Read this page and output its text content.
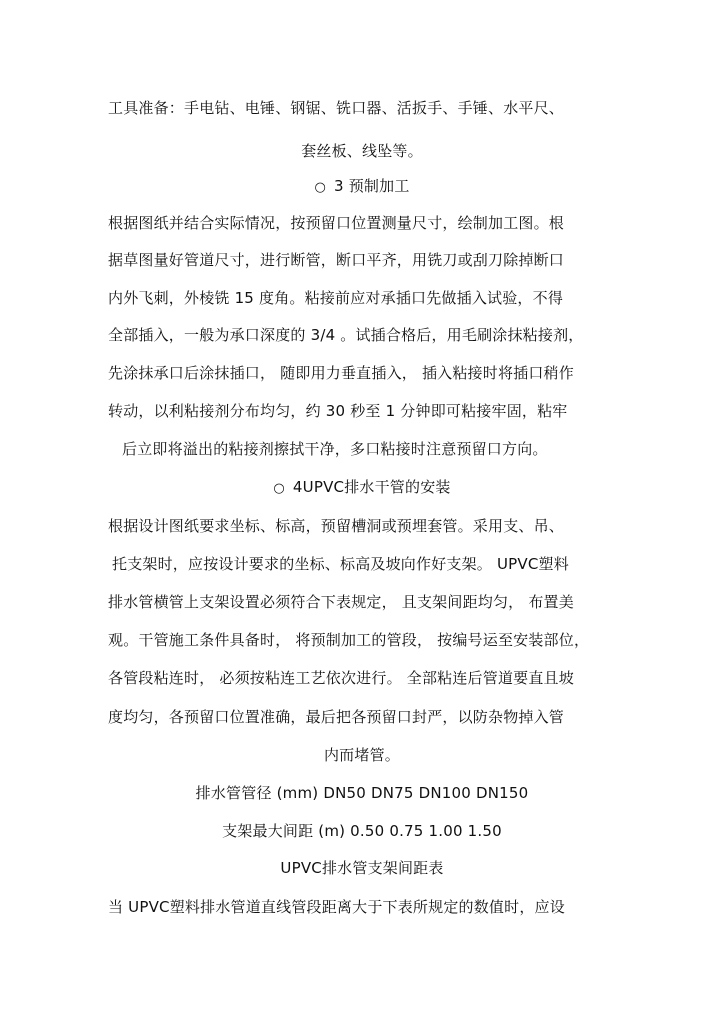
工具准备：手电钻、电锤、钢锯、铣口器、活扳手、手锤、水平尺、
套丝板、线坠等。
○ 3 预制加工
根据图纸并结合实际情况，按预留口位置测量尺寸，绘制加工图。根
据草图量好管道尺寸，进行断管，断口平齐，用铣刀或刮刀除掉断口
内外飞刺，外棱铣 15 度角。粘接前应对承插口先做插入试验，不得
全部插入，一般为承口深度的 3/4 。试插合格后，用毛刷涂抹粘接剂，
先涂抹承口后涂抹插口， 随即用力垂直插入， 插入粘接时将插口稍作
转动，以利粘接剂分布均匀，约 30 秒至 1 分钟即可粘接牢固，粘牢
后立即将溢出的粘接剂擦拭干净，多口粘接时注意预留口方向。
○ 4UPVC排水干管的安装
根据设计图纸要求坐标、标高，预留槽洞或预埋套管。采用支、吊、
托支架时，应按设计要求的坐标、标高及坡向作好支架。 UPVC塑料
排水管横管上支架设置必须符合下表规定， 且支架间距均匀， 布置美
观。干管施工条件具备时， 将预制加工的管段， 按编号运至安装部位，
各管段粘连时， 必须按粘连工艺依次进行。 全部粘连后管道要直且坡
度均匀，各预留口位置准确，最后把各预留口封严，以防杂物掉入管
内而堵管。
排水管管径 (mm) DN50 DN75 DN100 DN150
支架最大间距 (m) 0.50 0.75 1.00 1.50
UPVC排水管支架间距表
当 UPVC塑料排水管道直线管段距离大于下表所规定的数值时，应设
